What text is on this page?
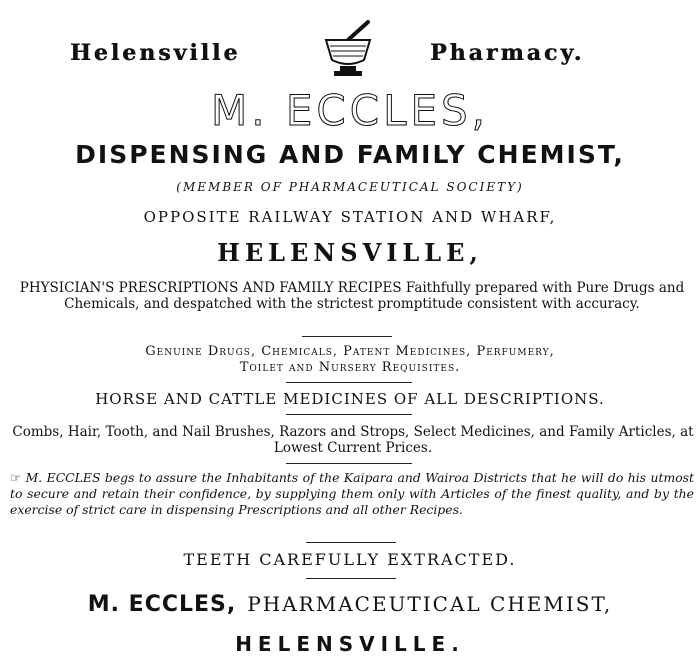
Helensville	Pharmacy.
M. ECCLES,
DISPENSING AND FAMILY CHEMIST,
(MEMBER OF PHARMACEUTICAL SOCIETY)
OPPOSITE RAILWAY STATION AND WHARF,
HELENSVILLE,

PHYSICIAN'S PRESCRIPTIONS AND FAMILY RECIPES Faithfully prepared with Pure Drugs and Chemicals, and despatched with the strictest promptitude consistent with accuracy.

Genuine Drugs, Chemicals, Patent Medicines, Perfumery,
Toilet and Nursery Requisites.
HORSE AND CATTLE MEDICINES OF ALL DESCRIPTIONS.

Combs, Hair, Tooth, and Nail Brushes, Razors and Strops, Select Medicines, and Family Articles, at Lowest Current Prices.

☞ M. ECCLES begs to assure the Inhabitants of the Kaipara and Wairoa Districts that he will do his utmost to secure and retain their confidence, by supplying them only with Articles of the finest quality, and by the exercise of strict care in dispensing Prescriptions and all other Recipes.
TEETH CAREFULLY EXTRACTED.
M. ECCLES, PHARMACEUTICAL CHEMIST,
HELENSVILLE.
